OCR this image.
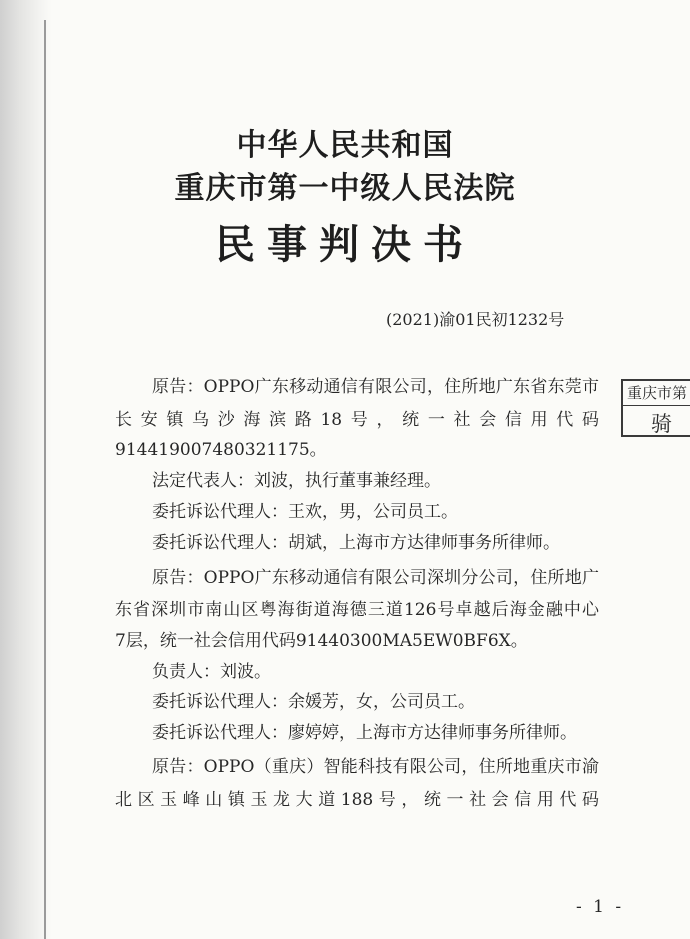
中华人民共和国
重庆市第一中级人民法院
民事判决书
(2021)渝01民初1232号
原告：OPPO广东移动通信有限公司，住所地广东省东莞市
长安镇乌沙海滨路18号，统一社会信用代码
914419007480321175。
法定代表人：刘波，执行董事兼经理。
委托诉讼代理人：王欢，男，公司员工。
委托诉讼代理人：胡斌，上海市方达律师事务所律师。
原告：OPPO广东移动通信有限公司深圳分公司，住所地广
东省深圳市南山区粤海街道海德三道126号卓越后海金融中心
7层，统一社会信用代码91440300MA5EW0BF6X。
负责人：刘波。
委托诉讼代理人：余媛芳，女，公司员工。
委托诉讼代理人：廖婷婷，上海市方达律师事务所律师。
原告：OPPO（重庆）智能科技有限公司，住所地重庆市渝
北区玉峰山镇玉龙大道188号，统一社会信用代码
重庆市第
骑
- 1 -
